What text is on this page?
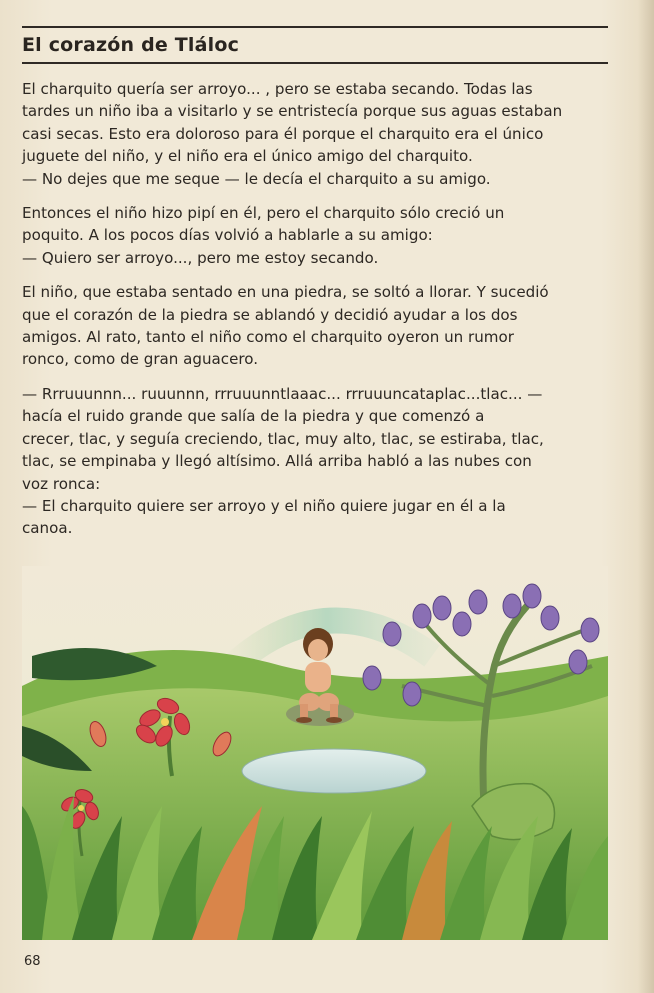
El corazón de Tláloc
El charquito quería ser arroyo... , pero se estaba secando. Todas las
tardes un niño iba a visitarlo y se entristecía porque sus aguas estaban
casi secas. Esto era doloroso para él porque el charquito era el único
juguete del niño, y el niño era el único amigo del charquito.
— No dejes que me seque — le decía el charquito a su amigo.
Entonces el niño hizo pipí en él, pero el charquito sólo creció un
poquito. A los pocos días volvió a hablarle a su amigo:
— Quiero ser arroyo..., pero me estoy secando.
El niño, que estaba sentado en una piedra, se soltó a llorar. Y sucedió
que el corazón de la piedra se ablandó y decidió ayudar a los dos
amigos. Al rato, tanto el niño como el charquito oyeron un rumor
ronco, como de gran aguacero.
— Rrruuunnn... ruuunnn, rrruuunntlaaac... rrruuuncataplac...tlac... —
hacía el ruido grande que salía de la piedra y que comenzó a
crecer, tlac, y seguía creciendo, tlac, muy alto, tlac, se estiraba, tlac,
tlac, se empinaba y llegó altísimo. Allá arriba habló a las nubes con
voz ronca:
— El charquito quiere ser arroyo y el niño quiere jugar en él a la
canoa.
68
